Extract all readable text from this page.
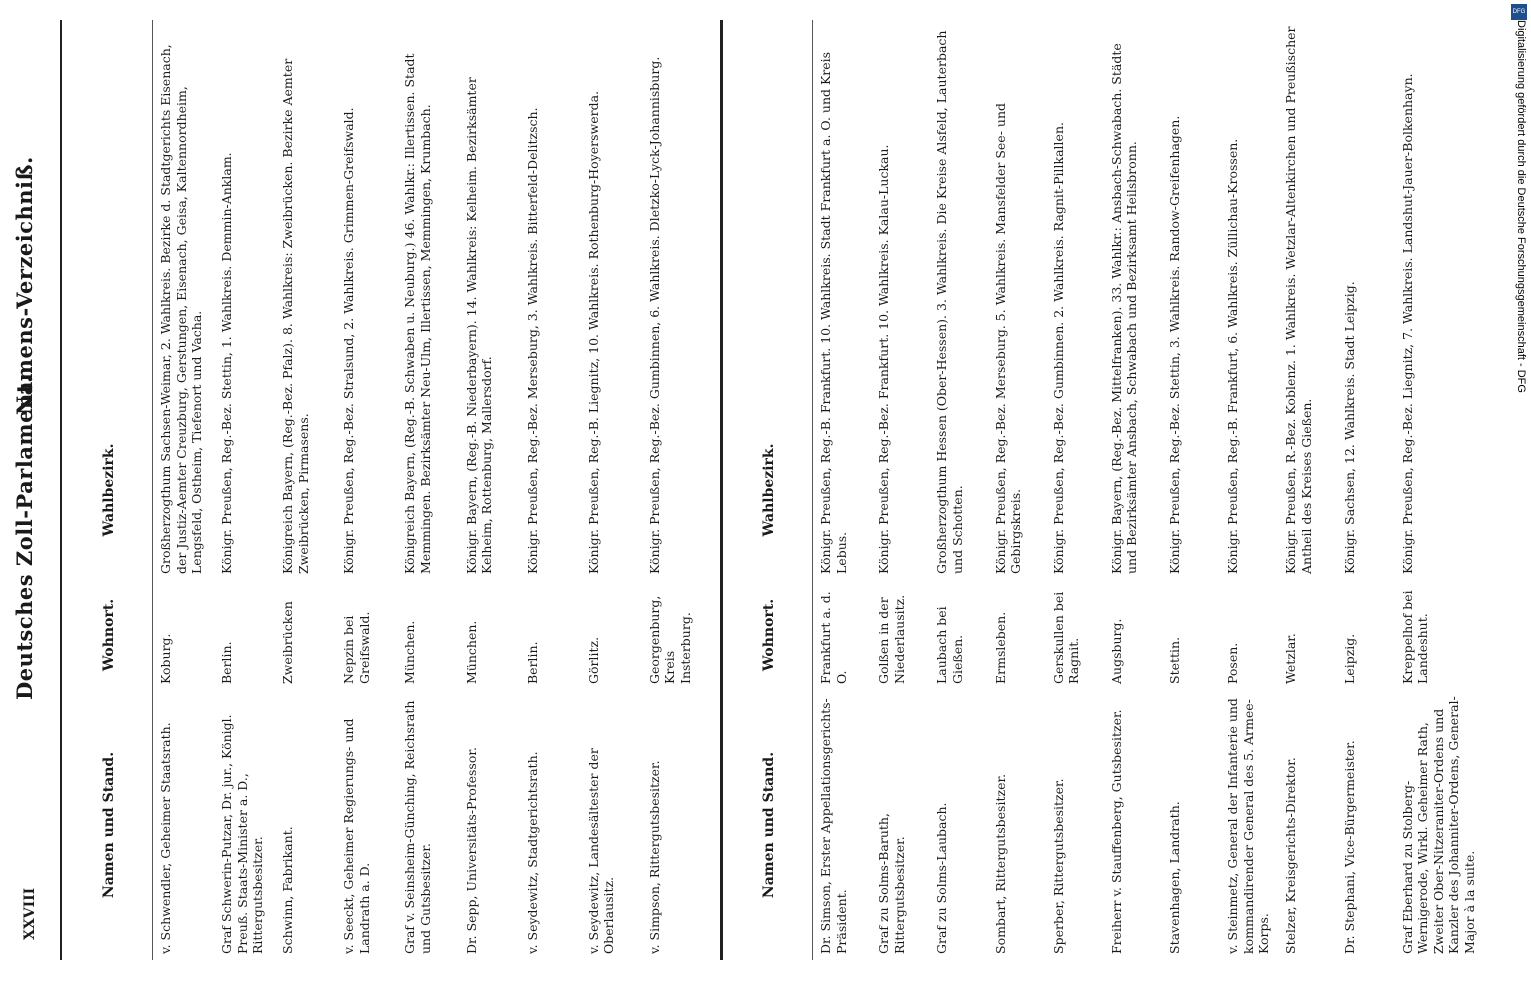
XXVIII
Deutsches Zoll-Parlament.
Namens-Verzeichniß.
Namen und Stand.
Wohnort.
Wahlbezirk.
v. Schwendler, Geheimer Staatsrath.
Koburg.
Großherzogthum Sachsen-Weimar, 2. Wahlkreis. Bezirke d. Stadtgerichts Eisenach, der Justiz-Aemter Creuzburg, Gerstungen, Eisenach, Geisa, Kaltennordheim, Lengsfeld, Ostheim, Tiefenort und Vacha.
Graf Schwerin-Putzar, Dr. jur., Königl. Preuß. Staats-Minister a. D., Rittergutsbesitzer.
Berlin.
Königr. Preußen, Reg.-Bez. Stettin, 1. Wahlkreis. Demmin-Anklam.
Schwinn, Fabrikant.
Zweibrücken
Königreich Bayern, (Reg.-Bez. Pfalz). 8. Wahlkreis: Zweibrücken. Bezirke Aemter Zweibrücken, Pirmasens.
v. Seeckt, Geheimer Regierungs- und Landrath a. D.
Nepzin bei Greifswald.
Königr. Preußen, Reg.-Bez. Stralsund, 2. Wahlkreis. Grimmen-Greifswald.
Graf v. Seinsheim-Günching, Reichsrath und Gutsbesitzer.
München.
Königreich Bayern, (Reg.-B. Schwaben u. Neuburg.) 46. Wahlkr.: Illertissen. Stadt Memmingen. Bezirksämter Neu-Ulm, Illertissen, Memmingen, Krumbach.
Dr. Sepp, Universitäts-Professor.
München.
Königr. Bayern, (Reg.-B. Niederbayern). 14. Wahlkreis: Kelheim. Bezirksämter Kelheim, Rottenburg, Mallersdorf.
v. Seydewitz, Stadtgerichtsrath.
Berlin.
Königr. Preußen, Reg.-Bez. Merseburg, 3. Wahlkreis. Bitterfeld-Delitzsch.
v. Seydewitz, Landesältester der Oberlausitz.
Görlitz.
Königr. Preußen, Reg.-B. Liegnitz, 10. Wahlkreis. Rothenburg-Hoyerswerda.
v. Simpson, Rittergutsbesitzer.
Georgenburg, Kreis Insterburg.
Königr. Preußen, Reg.-Bez. Gumbinnen, 6. Wahlkreis. Dletzko-Lyck-Johannisburg.
Namen und Stand.
Wohnort.
Wahlbezirk.
Dr. Simson, Erster Appellationsgerichts-Präsident.
Frankfurt a. d. O.
Königr. Preußen, Reg.-B. Frankfurt. 10. Wahlkreis. Stadt Frankfurt a. O. und Kreis Lebus.
Graf zu Solms-Baruth, Rittergutsbesitzer.
Golßen in der Niederlausitz.
Königr. Preußen, Reg.-Bez. Frankfurt. 10. Wahlkreis. Kalau-Luckau.
Graf zu Solms-Laubach.
Laubach bei Gießen.
Großherzogthum Hessen (Ober-Hessen). 3. Wahlkreis. Die Kreise Alsfeld, Lauterbach und Schotten.
Sombart, Rittergutsbesitzer.
Ermsleben.
Königr. Preußen, Reg.-Bez. Merseburg. 5. Wahlkreis. Mansfelder See- und Gebirgskreis.
Sperber, Rittergutsbesitzer.
Gerskullen bei Ragnit.
Königr. Preußen, Reg.-Bez. Gumbinnen. 2. Wahlkreis. Ragnit-Pillkallen.
Freiherr v. Stauffenberg, Gutsbesitzer.
Augsburg.
Königr. Bayern, (Reg.-Bez. Mittelfranken). 33. Wahlkr.: Ansbach-Schwabach. Städte und Bezirksämter Ansbach, Schwabach und Bezirksamt Heilsbronn.
Stavenhagen, Landrath.
Stettin.
Königr. Preußen, Reg.-Bez. Stettin, 3. Wahlkreis. Randow-Greifenhagen.
v. Steinmetz, General der Infanterie und kommandirender General des 5. Armee-Korps.
Posen.
Königr. Preußen, Reg.-B. Frankfurt, 6. Wahlkreis. Züllichau-Krossen.
Stelzer, Kreisgerichts-Direktor.
Wetzlar.
Königr. Preußen, R.-Bez. Koblenz. 1. Wahlkreis. Wetzlar-Altenkirchen und Preußischer Antheil des Kreises Gießen.
Dr. Stephani, Vice-Bürgermeister.
Leipzig.
Königr. Sachsen, 12. Wahlkreis. Stadt Leipzig.
Graf Eberhard zu Stolberg-Wernigerode, Wirkl. Geheimer Rath, Zweiter Ober-Nitzeraniter-Ordens und Kanzler des Johanniter-Ordens, General-Major à la suite.
Kreppelhof bei Landeshut.
Königr. Preußen, Reg.-Bez. Liegnitz, 7. Wahlkreis. Landshut-Jauer-Bolkenhayn.
DFG
Digitalisierung gefördert durch die Deutsche Forschungsgemeinschaft - DFG
